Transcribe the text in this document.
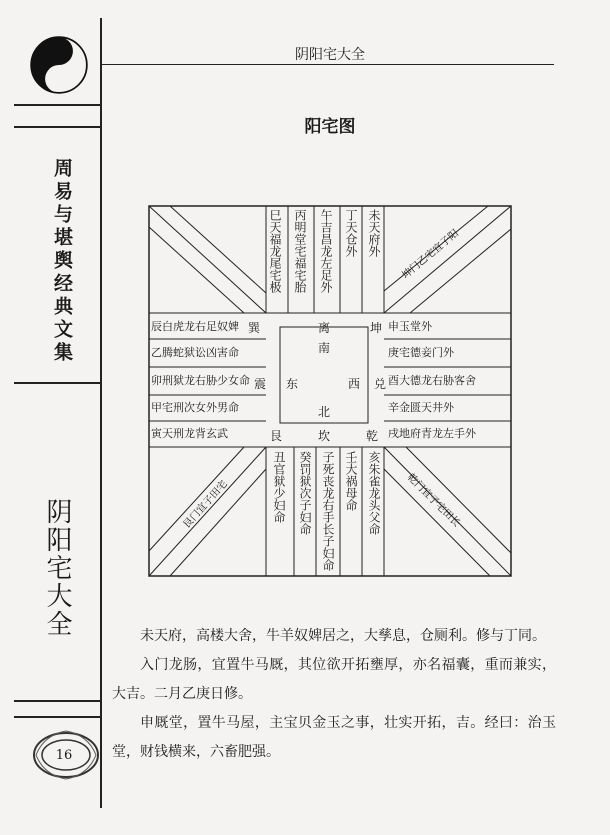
周易与堪舆经典文集
阴阳宅大全
16
阴阳宅大全
阳宅图
巳天福龙尾宅极 丙明堂宅福宅胎 午吉昌龙左足外 丁天仓外 未天府外
辰白虎龙右足奴婢
乙腾蛇狱讼凶害命
卯刑狱龙右胁少女命
甲宅刑次女外男命
寅天刑龙背玄武
申玉堂外
庚宅德妾门外
酉大德龙右胁客舍
辛金匮天井外
戌地府青龙左手外
丑官狱少妇命 癸罚狱次子妇命 子死丧龙右手长子妇命 壬大祸母命 亥朱雀龙头父命
坤门乙宅宜子阳
艮门宜子田宅	乾门宜子宅田长
巽	离	坤
南
震 东	西 兑
北
艮	坎	乾

未天府，高楼大舍，牛羊奴婢居之，大孳息，仓厕利。修与丁同。

入门龙肠，宜置牛马厩，其位欲开拓壅厚，亦名福囊，重而兼实，大吉。二月乙庚日修。

申厩堂，置牛马屋，主宝贝金玉之事，壮实开拓，吉。经曰：治玉堂，财钱横来，六畜肥强。
